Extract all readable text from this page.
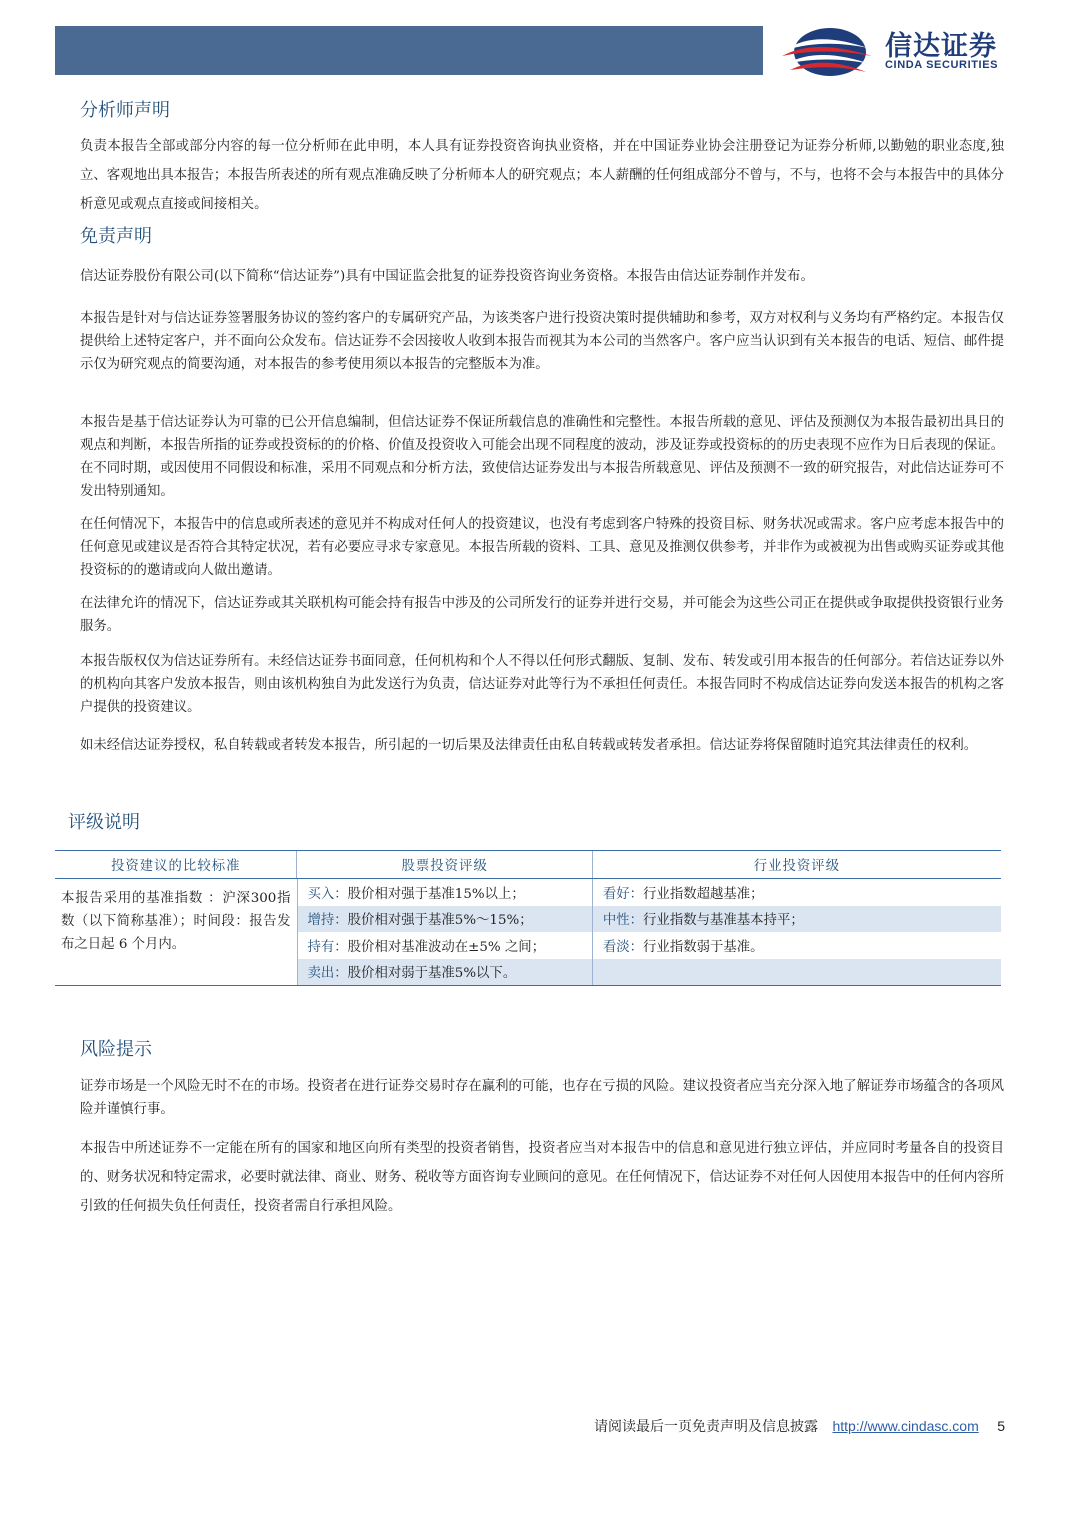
信达证券
CINDA SECURITIES
分析师声明

负责本报告全部或部分内容的每一位分析师在此申明，本人具有证券投资咨询执业资格，并在中国证券业协会注册登记为证券分析师,以勤勉的职业态度,独立、客观地出具本报告；本报告所表述的所有观点准确反映了分析师本人的研究观点；本人薪酬的任何组成部分不曾与，不与，也将不会与本报告中的具体分析意见或观点直接或间接相关。

免责声明

信达证券股份有限公司(以下简称“信达证券”)具有中国证监会批复的证券投资咨询业务资格。本报告由信达证券制作并发布。

本报告是针对与信达证券签署服务协议的签约客户的专属研究产品，为该类客户进行投资决策时提供辅助和参考，双方对权利与义务均有严格约定。本报告仅提供给上述特定客户，并不面向公众发布。信达证券不会因接收人收到本报告而视其为本公司的当然客户。客户应当认识到有关本报告的电话、短信、邮件提示仅为研究观点的简要沟通，对本报告的参考使用须以本报告的完整版本为准。

本报告是基于信达证券认为可靠的已公开信息编制，但信达证券不保证所载信息的准确性和完整性。本报告所载的意见、评估及预测仅为本报告最初出具日的观点和判断，本报告所指的证券或投资标的的价格、价值及投资收入可能会出现不同程度的波动，涉及证券或投资标的的历史表现不应作为日后表现的保证。在不同时期，或因使用不同假设和标准，采用不同观点和分析方法，致使信达证券发出与本报告所载意见、评估及预测不一致的研究报告，对此信达证券可不发出特别通知。

在任何情况下，本报告中的信息或所表述的意见并不构成对任何人的投资建议，也没有考虑到客户特殊的投资目标、财务状况或需求。客户应考虑本报告中的任何意见或建议是否符合其特定状况，若有必要应寻求专家意见。本报告所载的资料、工具、意见及推测仅供参考，并非作为或被视为出售或购买证券或其他投资标的的邀请或向人做出邀请。

在法律允许的情况下，信达证券或其关联机构可能会持有报告中涉及的公司所发行的证券并进行交易，并可能会为这些公司正在提供或争取提供投资银行业务服务。

本报告版权仅为信达证券所有。未经信达证券书面同意，任何机构和个人不得以任何形式翻版、复制、发布、转发或引用本报告的任何部分。若信达证券以外的机构向其客户发放本报告，则由该机构独自为此发送行为负责，信达证券对此等行为不承担任何责任。本报告同时不构成信达证券向发送本报告的机构之客户提供的投资建议。

如未经信达证券授权，私自转载或者转发本报告，所引起的一切后果及法律责任由私自转载或转发者承担。信达证券将保留随时追究其法律责任的权利。

评级说明
投资建议的比较标准	股票投资评级	行业投资评级
本报告采用的基准指数 ：沪深300指数（以下简称基准）；时间段：报告发布之日起 6 个月内。
买入： 股价相对强于基准15%以上；
增持： 股价相对强于基准5%～15%；
持有： 股价相对基准波动在±5% 之间；
卖出： 股价相对弱于基准5%以下。
看好： 行业指数超越基准；
中性： 行业指数与基准基本持平；
看淡： 行业指数弱于基准。
风险提示

证券市场是一个风险无时不在的市场。投资者在进行证券交易时存在赢利的可能，也存在亏损的风险。建议投资者应当充分深入地了解证券市场蕴含的各项风险并谨慎行事。

本报告中所述证券不一定能在所有的国家和地区向所有类型的投资者销售，投资者应当对本报告中的信息和意见进行独立评估，并应同时考量各自的投资目的、财务状况和特定需求，必要时就法律、商业、财务、税收等方面咨询专业顾问的意见。在任何情况下，信达证券不对任何人因使用本报告中的任何内容所引致的任何损失负任何责任，投资者需自行承担风险。

请阅读最后一页免责声明及信息披露 http://www.cindasc.com 5
